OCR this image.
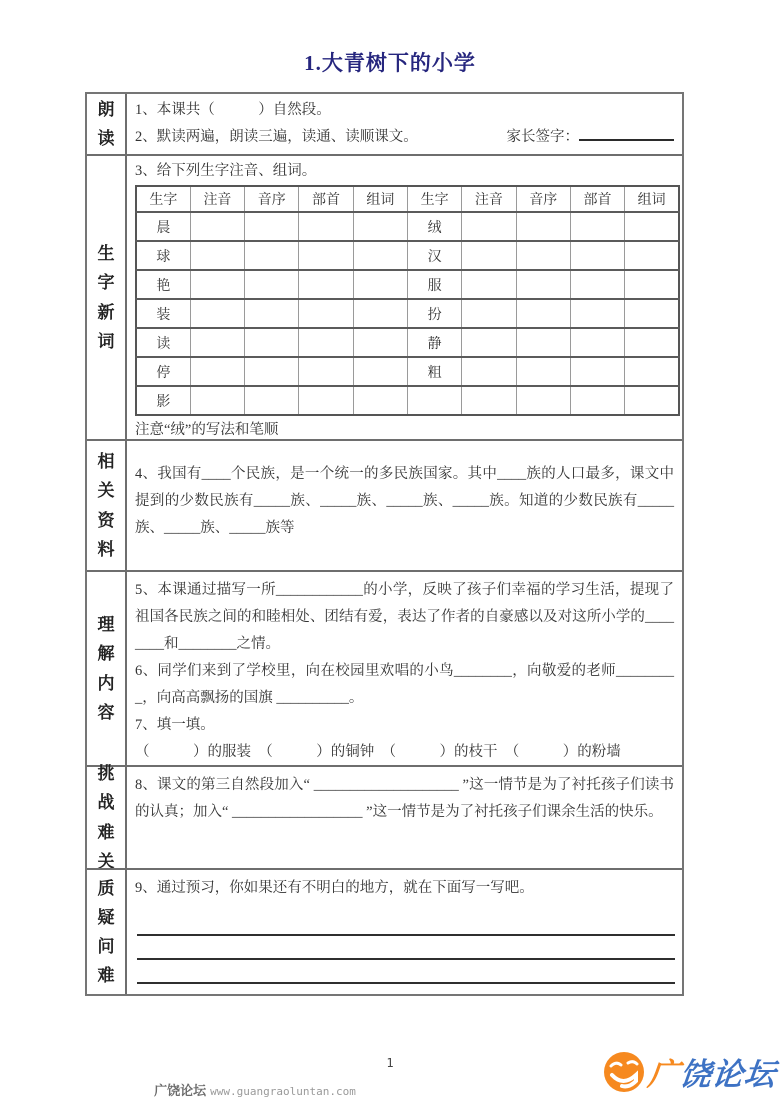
1.大青树下的小学
朗读

1、本课共（　　　）自然段。

2、默读两遍，朗读三遍，读通、读顺课文。	家长签字：
生字新词

3、给下列生字注音、组词。

生字	注音	音序	部首	组词	生字	注音	音序	部首	组词
晨					绒				
球					汉				
艳					服				
装					扮				
读					静				
停					粗				
影									
注意“绒”的写法和笔顺
相关资料

4、我国有____个民族，是一个统一的多民族国家。其中____族的人口最多，课文中提到的少数民族有_____族、_____族、_____族、_____族。知道的少数民族有_____族、_____族、_____族等

理解内容

5、本课通过描写一所____________的小学，反映了孩子们幸福的学习生活，提现了祖国各民族之间的和睦相处、团结有爱，表达了作者的自豪感以及对这所小学的________和________之情。

6、同学们来到了学校里，向在校园里欢唱的小鸟________，向敬爱的老师_________，向高高飘扬的国旗 __________。

7、填一填。

（　　　）的服装　（　　　）的铜钟　（　　　）的枝干　（　　　）的粉墙

挑战难关

8、课文的第三自然段加入“ ____________________ ”这一情节是为了衬托孩子们读书的认真；加入“ __________________ ”这一情节是为了衬托孩子们课余生活的快乐。

质疑问难

9、通过预习，你如果还有不明白的地方，就在下面写一写吧。

1
广饶论坛 www.guangraoluntan.com	广饶论坛
